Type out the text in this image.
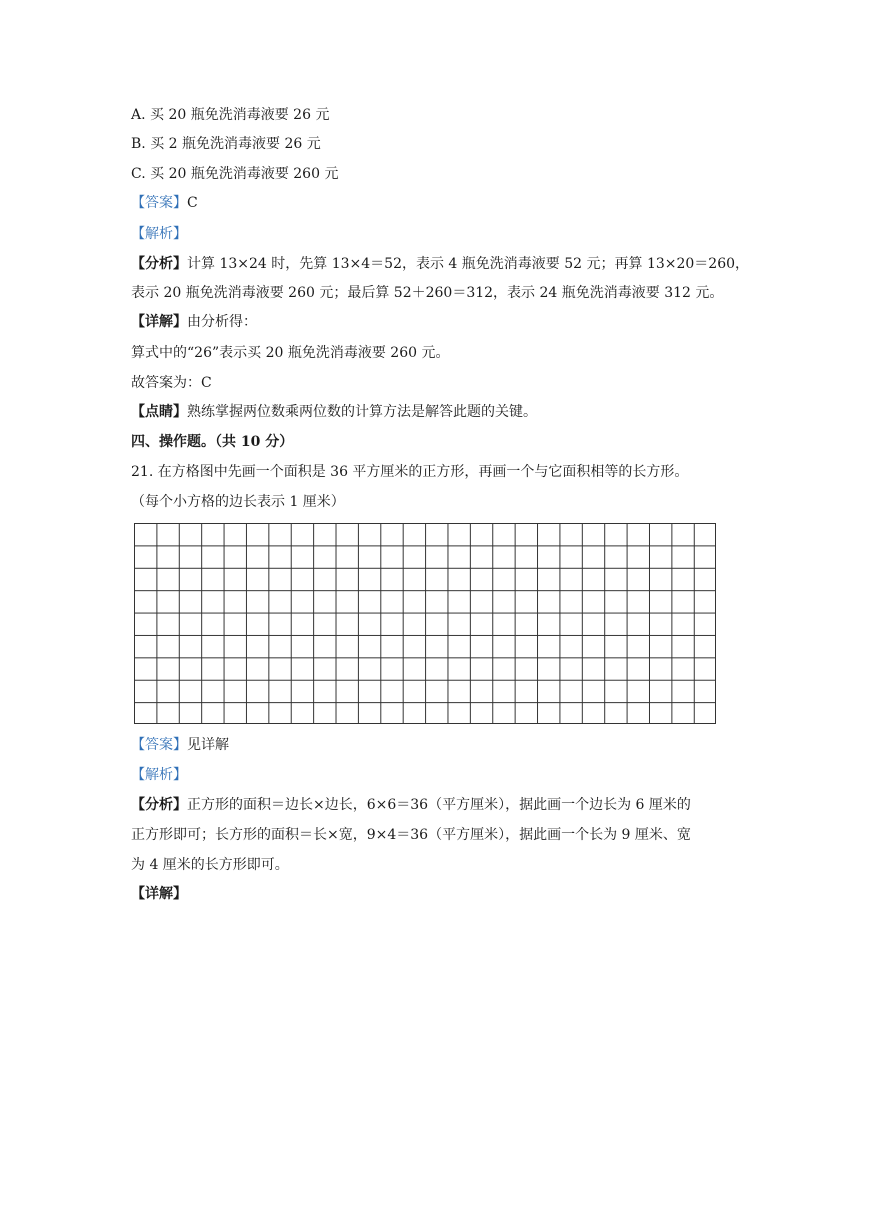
A. 买 20 瓶免洗消毒液要 26 元
B. 买 2 瓶免洗消毒液要 26 元
C. 买 20 瓶免洗消毒液要 260 元
【答案】C
【解析】
【分析】计算 13×24 时，先算 13×4＝52，表示 4 瓶免洗消毒液要 52 元；再算 13×20＝260，
表示 20 瓶免洗消毒液要 260 元；最后算 52＋260＝312，表示 24 瓶免洗消毒液要 312 元。
【详解】由分析得：
算式中的“26”表示买 20 瓶免洗消毒液要 260 元。
故答案为：C
【点睛】熟练掌握两位数乘两位数的计算方法是解答此题的关键。
四、操作题。（共 10 分）
21. 在方格图中先画一个面积是 36 平方厘米的正方形，再画一个与它面积相等的长方形。
（每个小方格的边长表示 1 厘米）
【答案】见详解
【解析】
【分析】正方形的面积＝边长×边长，6×6＝36（平方厘米），据此画一个边长为 6 厘米的
正方形即可；长方形的面积＝长×宽，9×4＝36（平方厘米），据此画一个长为 9 厘米、宽
为 4 厘米的长方形即可。
【详解】
